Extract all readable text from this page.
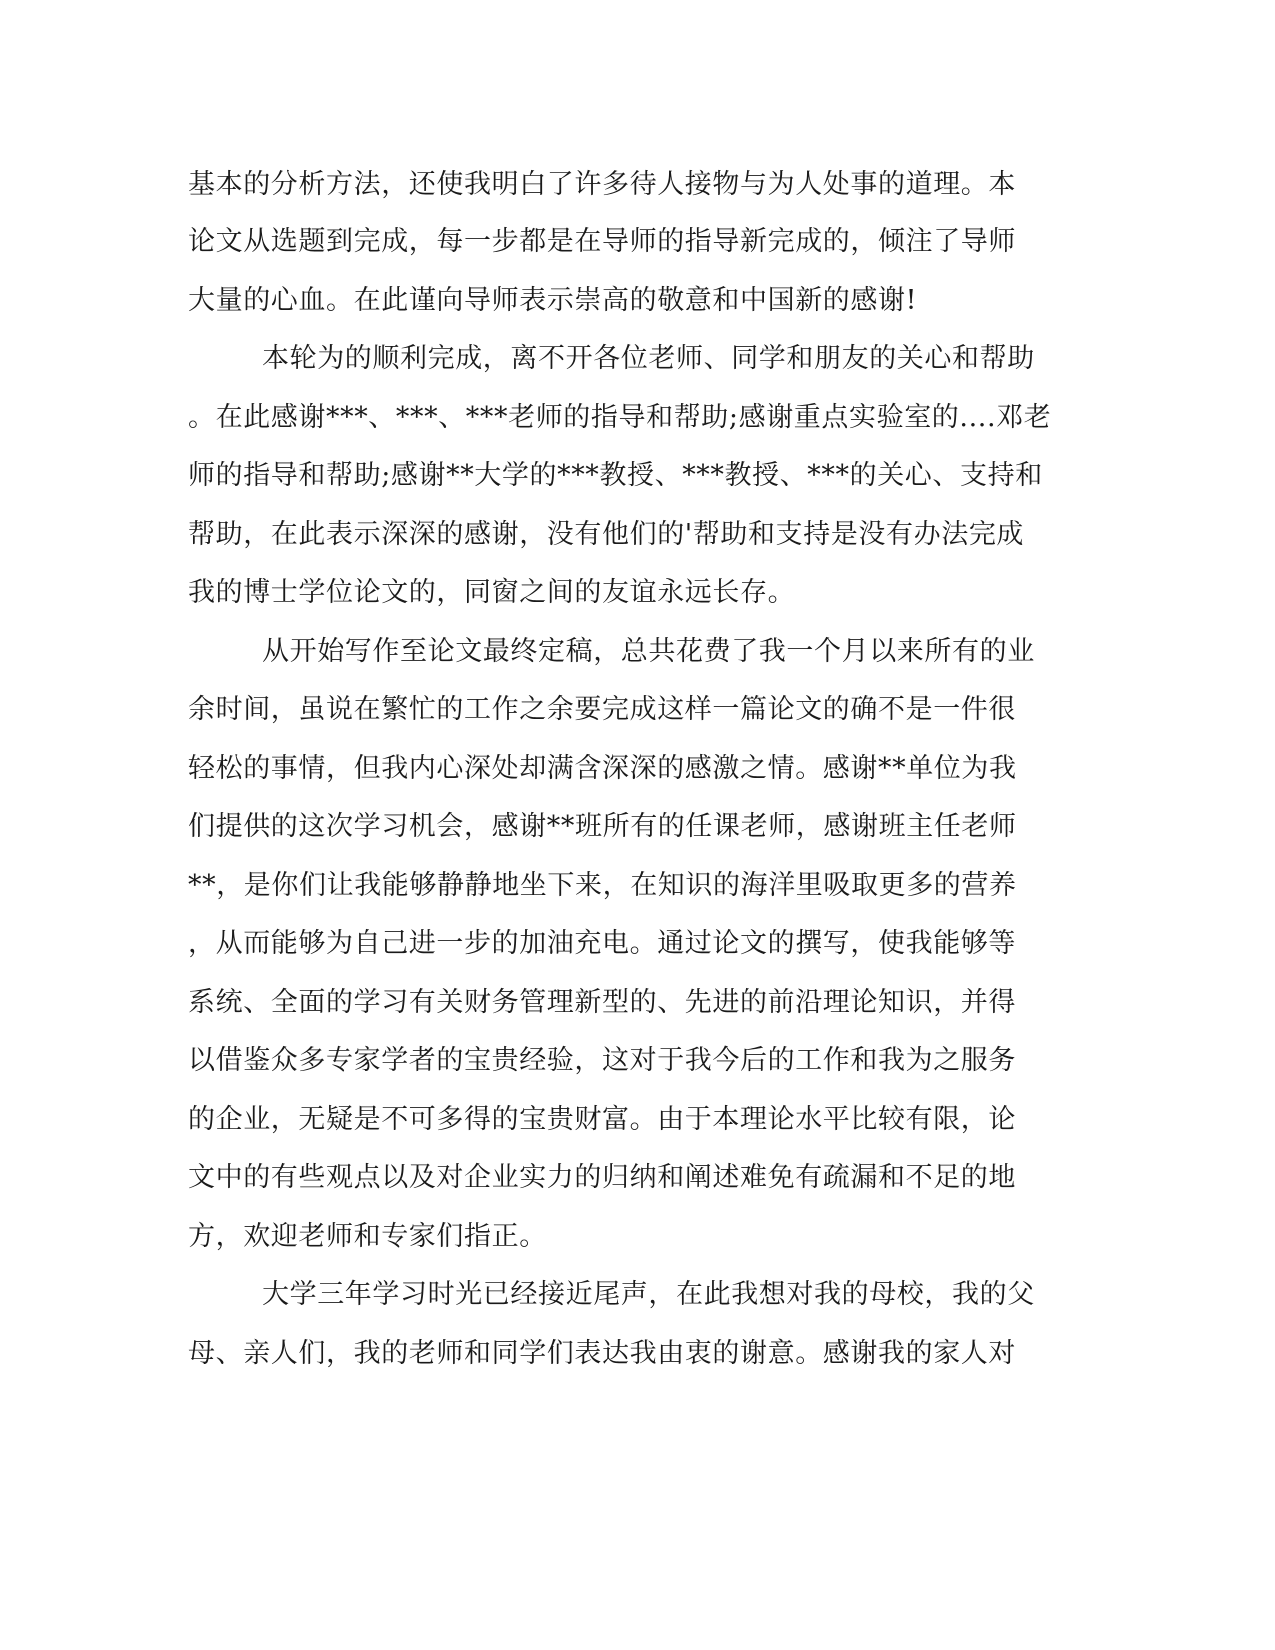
基本的分析方法，还使我明白了许多待人接物与为人处事的道理。本

论文从选题到完成，每一步都是在导师的指导新完成的，倾注了导师

大量的心血。在此谨向导师表示崇高的敬意和中国新的感谢!

本轮为的顺利完成，离不开各位老师、同学和朋友的关心和帮助

。在此感谢***、***、***老师的指导和帮助;感谢重点实验室的....邓老

师的指导和帮助;感谢**大学的***教授、***教授、***的关心、支持和

帮助，在此表示深深的感谢，没有他们的'帮助和支持是没有办法完成

我的博士学位论文的，同窗之间的友谊永远长存。

从开始写作至论文最终定稿，总共花费了我一个月以来所有的业

余时间，虽说在繁忙的工作之余要完成这样一篇论文的确不是一件很

轻松的事情，但我内心深处却满含深深的感激之情。感谢**单位为我

们提供的这次学习机会，感谢**班所有的任课老师，感谢班主任老师

**，是你们让我能够静静地坐下来，在知识的海洋里吸取更多的营养

，从而能够为自己进一步的加油充电。通过论文的撰写，使我能够等

系统、全面的学习有关财务管理新型的、先进的前沿理论知识，并得

以借鉴众多专家学者的宝贵经验，这对于我今后的工作和我为之服务

的企业，无疑是不可多得的宝贵财富。由于本理论水平比较有限，论

文中的有些观点以及对企业实力的归纳和阐述难免有疏漏和不足的地

方，欢迎老师和专家们指正。

大学三年学习时光已经接近尾声，在此我想对我的母校，我的父

母、亲人们，我的老师和同学们表达我由衷的谢意。感谢我的家人对
